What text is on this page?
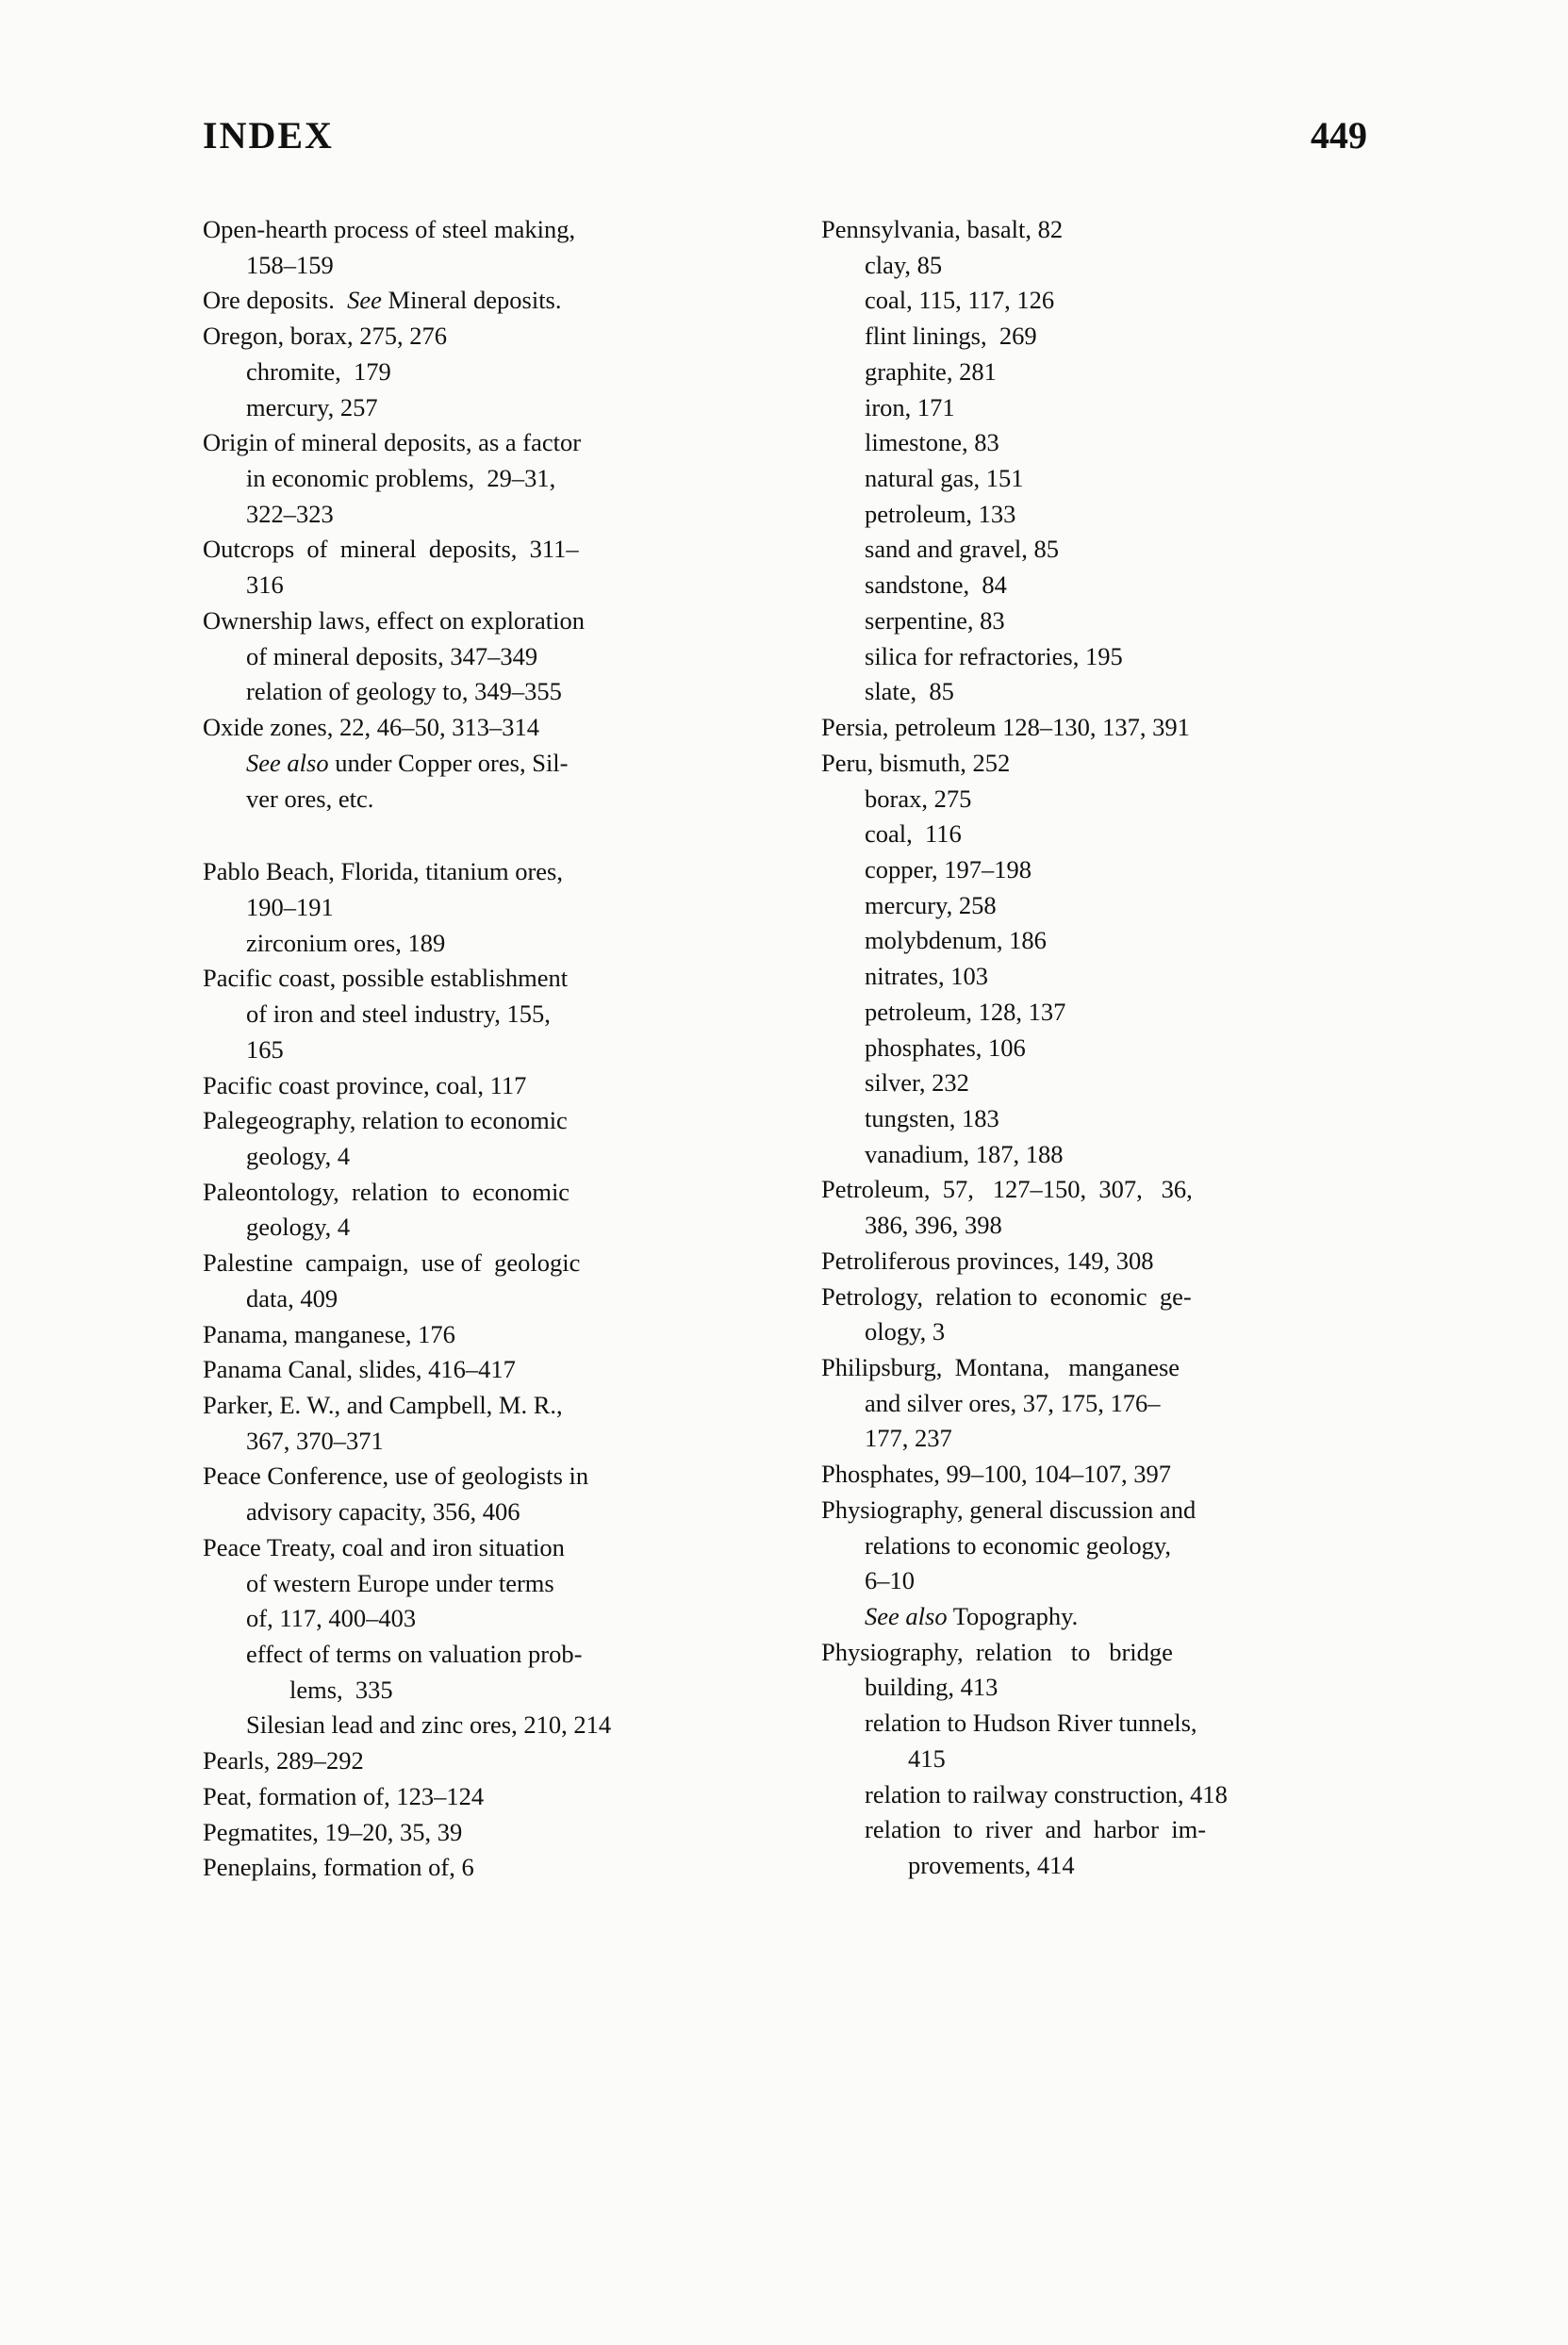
INDEX	449
Open-hearth process of steel making,
158–159
Ore deposits.  See Mineral deposits.
Oregon, borax, 275, 276
chromite,  179
mercury, 257
Origin of mineral deposits, as a factor
in economic problems,  29–31,
322–323
Outcrops  of  mineral  deposits,  311–
316
Ownership laws, effect on exploration
of mineral deposits, 347–349
relation of geology to, 349–355
Oxide zones, 22, 46–50, 313–314
See also under Copper ores, Sil-
ver ores, etc.
Pablo Beach, Florida, titanium ores,
190–191
zirconium ores, 189
Pacific coast, possible establishment
of iron and steel industry, 155,
165
Pacific coast province, coal, 117
Palegeography, relation to economic
geology, 4
Paleontology,  relation  to  economic
geology, 4
Palestine  campaign,  use of  geologic
data, 409
Panama, manganese, 176
Panama Canal, slides, 416–417
Parker, E. W., and Campbell, M. R.,
367, 370–371
Peace Conference, use of geologists in
advisory capacity, 356, 406
Peace Treaty, coal and iron situation
of western Europe under terms
of, 117, 400–403
effect of terms on valuation prob-
lems,  335
Silesian lead and zinc ores, 210, 214
Pearls, 289–292
Peat, formation of, 123–124
Pegmatites, 19–20, 35, 39
Peneplains, formation of, 6
Pennsylvania, basalt, 82
clay, 85
coal, 115, 117, 126
flint linings,  269
graphite, 281
iron, 171
limestone, 83
natural gas, 151
petroleum, 133
sand and gravel, 85
sandstone,  84
serpentine, 83
silica for refractories, 195
slate,  85
Persia, petroleum 128–130, 137, 391
Peru, bismuth, 252
borax, 275
coal,  116
copper, 197–198
mercury, 258
molybdenum, 186
nitrates, 103
petroleum, 128, 137
phosphates, 106
silver, 232
tungsten, 183
vanadium, 187, 188
Petroleum,  57,   127–150,  307,   36,
386, 396, 398
Petroliferous provinces, 149, 308
Petrology,  relation to  economic  ge-
ology, 3
Philipsburg,  Montana,   manganese
and silver ores, 37, 175, 176–
177, 237
Phosphates, 99–100, 104–107, 397
Physiography, general discussion and
relations to economic geology,
6–10
See also Topography.
Physiography,  relation   to   bridge
building, 413
relation to Hudson River tunnels,
415
relation to railway construction, 418
relation  to  river  and  harbor  im-
provements, 414
